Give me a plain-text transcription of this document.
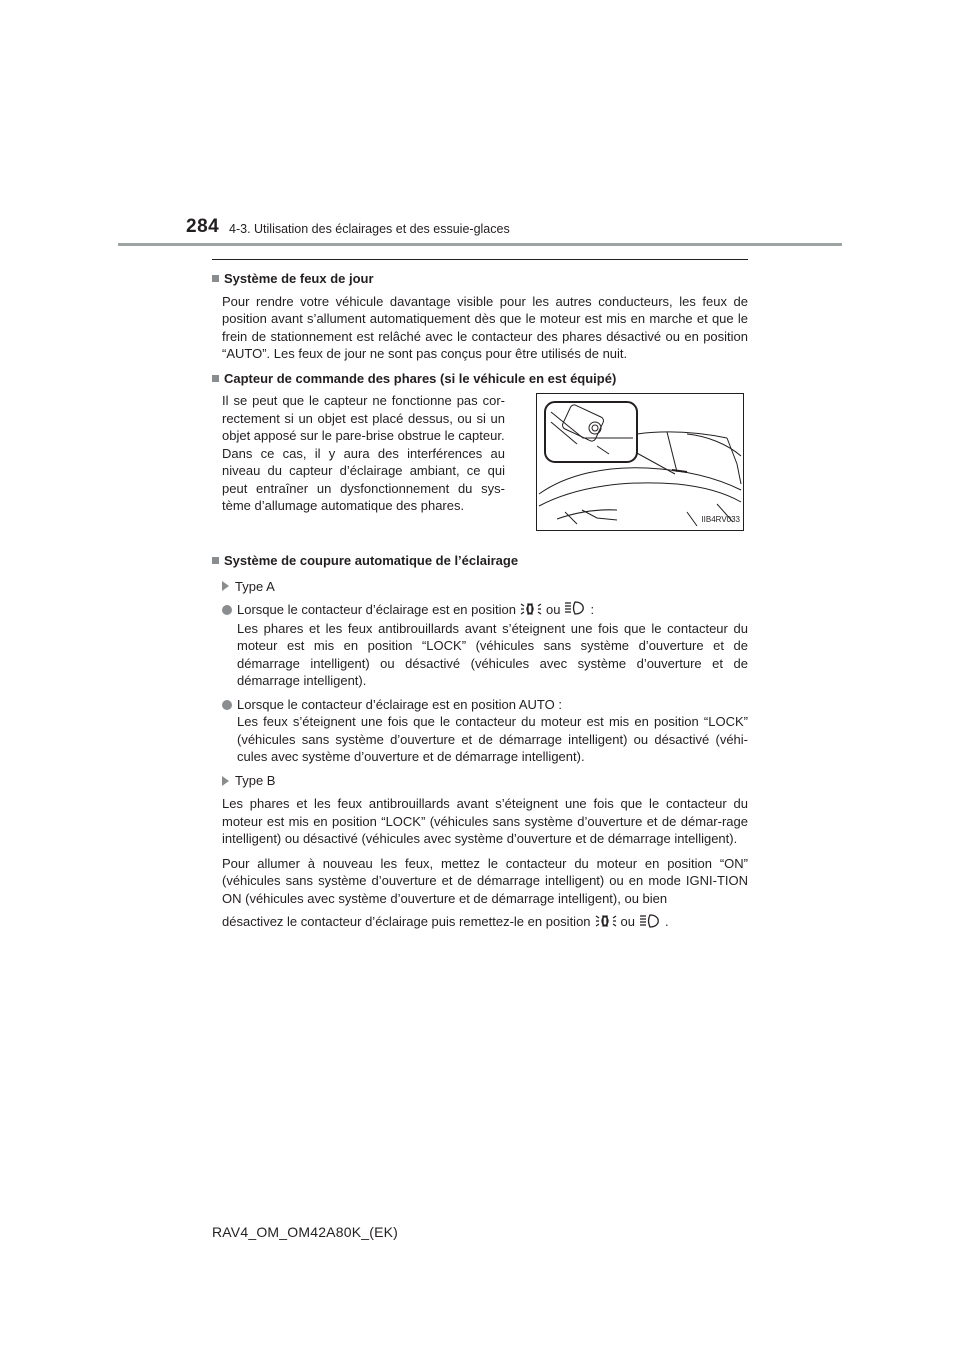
284 4-3. Utilisation des éclairages et des essuie-glaces
Système de feux de jour

Pour rendre votre véhicule davantage visible pour les autres conducteurs, les feux de position avant s’allument automatiquement dès que le moteur est mis en marche et que le frein de stationnement est relâché avec le contacteur des phares désactivé ou en position “AUTO”. Les feux de jour ne sont pas conçus pour être utilisés de nuit.

Capteur de commande des phares (si le véhicule en est équipé)

Il se peut que le capteur ne fonctionne pas cor-rectement si un objet est placé dessus, ou si un objet apposé sur le pare-brise obstrue le capteur.

Dans ce cas, il y aura des interférences au niveau du capteur d’éclairage ambiant, ce qui peut entraîner un dysfonctionnement du sys-tème d’allumage automatique des phares.

IIB4RV033
Système de coupure automatique de l’éclairage
Type A

Lorsque le contacteur d’éclairage est en position ou :

Les phares et les feux antibrouillards avant s’éteignent une fois que le contacteur du moteur est mis en position “LOCK” (véhicules sans système d’ouverture et de démarrage intelligent) ou désactivé (véhicules avec système d’ouverture et de démarrage intelligent).

Lorsque le contacteur d’éclairage est en position AUTO :

Les feux s’éteignent une fois que le contacteur du moteur est mis en position “LOCK” (véhicules sans système d’ouverture et de démarrage intelligent) ou désactivé (véhi-cules avec système d’ouverture et de démarrage intelligent).

Type B

Les phares et les feux antibrouillards avant s’éteignent une fois que le contacteur du moteur est mis en position “LOCK” (véhicules sans système d’ouverture et de démar-rage intelligent) ou désactivé (véhicules avec système d’ouverture et de démarrage intelligent).

Pour allumer à nouveau les feux, mettez le contacteur du moteur en position “ON” (véhicules sans système d’ouverture et de démarrage intelligent) ou en mode IGNI-TION ON (véhicules avec système d’ouverture et de démarrage intelligent), ou bien

désactivez le contacteur d’éclairage puis remettez-le en position ou .

RAV4_OM_OM42A80K_(EK)
